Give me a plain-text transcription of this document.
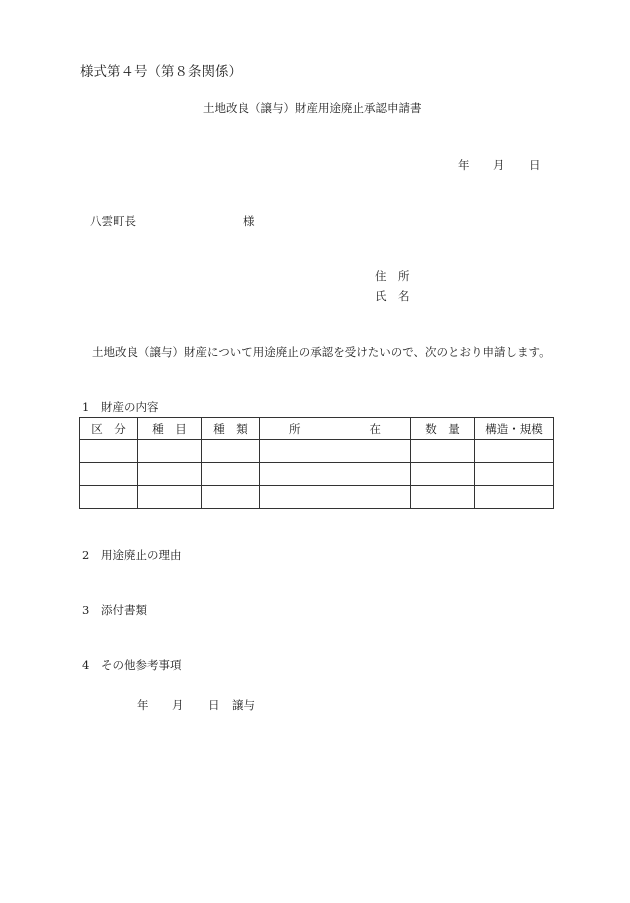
様式第４号（第８条関係）
土地改良（譲与）財産用途廃止承認申請書
年 月 日
八雲町長	様
住　所
氏　名
土地改良（譲与）財産について用途廃止の承認を受けたいので、次のとおり申請します。
1 財産の内容
区　分	種　目	種　類	所　　　　　　在	数　量	構造・規模

2 用途廃止の理由
3 添付書類
4 その他参考事項
年 月 日 譲与
